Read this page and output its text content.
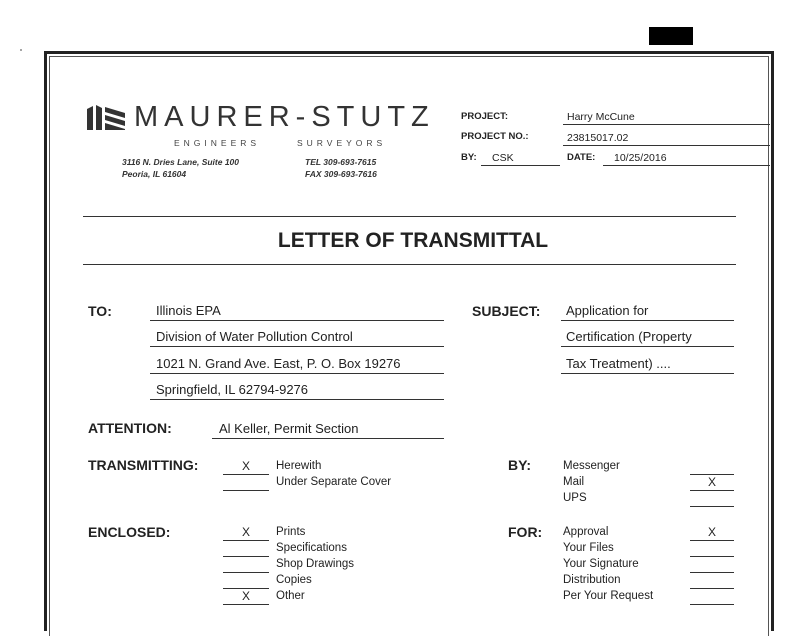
MAURER-STUTZ
ENGINEERS	SURVEYORS
3116 N. Dries Lane, Suite 100
Peoria, IL 61604
TEL 309-693-7615
FAX 309-693-7616
PROJECT:	Harry McCune
PROJECT NO.:	23815017.02
BY: CSK	DATE: 10/25/2016
LETTER OF TRANSMITTAL
TO:	Illinois EPA
Division of Water Pollution Control
1021 N. Grand Ave. East, P. O. Box 19276
Springfield, IL 62794-9276
SUBJECT: Application for
Certification (Property
Tax Treatment) ....
ATTENTION:	Al Keller, Permit Section
TRANSMITTING:	X	Herewith
Under Separate Cover
BY:	Messenger
Mail	X
UPS
ENCLOSED:	X	Prints
Specifications
Shop Drawings
Copies
X	Other
FOR: Approval	X
Your Files
Your Signature
Distribution
Per Your Request
